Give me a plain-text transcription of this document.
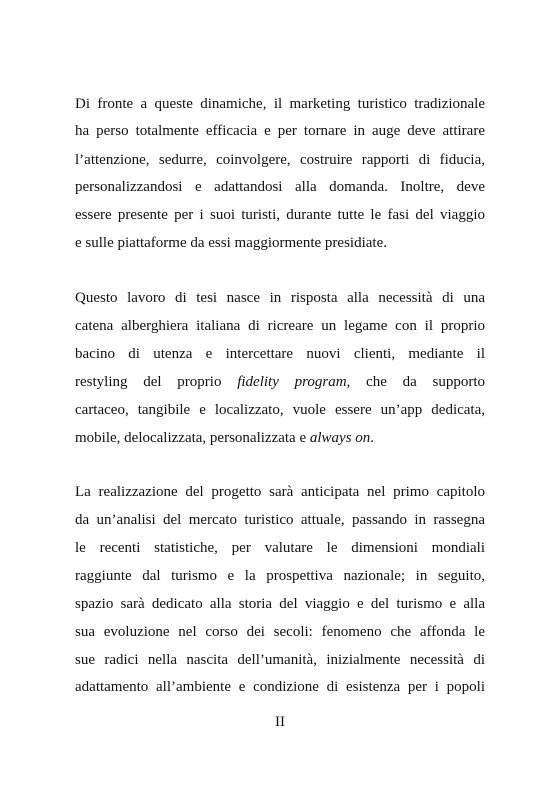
Di fronte a queste dinamiche, il marketing turistico tradizionale
ha perso totalmente efficacia e per tornare in auge deve attirare
l’attenzione, sedurre, coinvolgere, costruire rapporti di fiducia,
personalizzandosi e adattandosi alla domanda. Inoltre, deve
essere presente per i suoi turisti, durante tutte le fasi del viaggio
e sulle piattaforme da essi maggiormente presidiate.
Questo lavoro di tesi nasce in risposta alla necessità di una
catena alberghiera italiana di ricreare un legame con il proprio
bacino di utenza e intercettare nuovi clienti, mediante il
restyling del proprio fidelity program, che da supporto
cartaceo, tangibile e localizzato, vuole essere un’app dedicata,
mobile, delocalizzata, personalizzata e always on.
La realizzazione del progetto sarà anticipata nel primo capitolo
da un’analisi del mercato turistico attuale, passando in rassegna
le recenti statistiche, per valutare le dimensioni mondiali
raggiunte dal turismo e la prospettiva nazionale; in seguito,
spazio sarà dedicato alla storia del viaggio e del turismo e alla
sua evoluzione nel corso dei secoli: fenomeno che affonda le
sue radici nella nascita dell’umanità, inizialmente necessità di
adattamento all’ambiente e condizione di esistenza per i popoli
II
